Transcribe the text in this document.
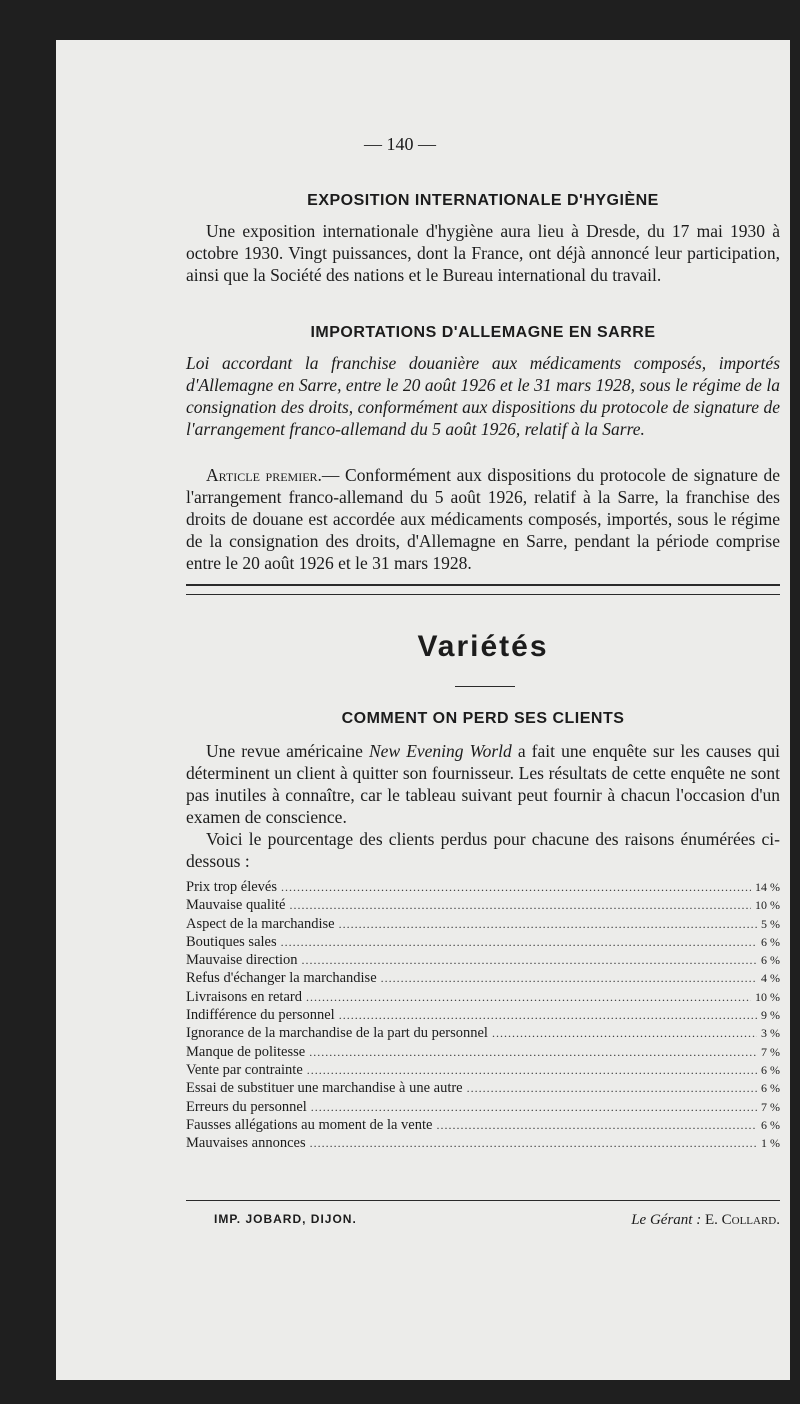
— 140 —
EXPOSITION INTERNATIONALE D'HYGIÈNE

Une exposition internationale d'hygiène aura lieu à Dresde, du 17 mai 1930 à octobre 1930. Vingt puissances, dont la France, ont déjà annoncé leur participation, ainsi que la Société des nations et le Bureau international du travail.

IMPORTATIONS D'ALLEMAGNE EN SARRE

Loi accordant la franchise douanière aux médicaments composés, importés d'Allemagne en Sarre, entre le 20 août 1926 et le 31 mars 1928, sous le régime de la consignation des droits, conformément aux dispositions du protocole de signature de l'arrangement franco-allemand du 5 août 1926, relatif à la Sarre.

Article premier.— Conformément aux dispositions du protocole de signature de l'arrangement franco-allemand du 5 août 1926, relatif à la Sarre, la franchise des droits de douane est accordée aux médicaments composés, importés, sous le régime de la consignation des droits, d'Allemagne en Sarre, pendant la période comprise entre le 20 août 1926 et le 31 mars 1928.

Variétés
COMMENT ON PERD SES CLIENTS

Une revue américaine New Evening World a fait une enquête sur les causes qui déterminent un client à quitter son fournisseur. Les résultats de cette enquête ne sont pas inutiles à connaître, car le tableau suivant peut fournir à chacun l'occasion d'un examen de conscience.

Voici le pourcentage des clients perdus pour chacune des raisons énumérées ci-dessous :

Prix trop élevés .....	14 %
Mauvaise qualité .....	10 %
Aspect de la marchandise .....	5 %
Boutiques sales .....	6 %
Mauvaise direction .....	6 %
Refus d'échanger la marchandise .....	4 %
Livraisons en retard .....	10 %
Indifférence du personnel .....	9 %
Ignorance de la marchandise de la part du personnel .....	3 %
Manque de politesse .....	7 %
Vente par contrainte .....	6 %
Essai de substituer une marchandise à une autre .....	6 %
Erreurs du personnel .....	7 %
Fausses allégations au moment de la vente .....	6 %
Mauvaises annonces .....	1 %
IMP. JOBARD, DIJON.	Le Gérant : E. Collard.
